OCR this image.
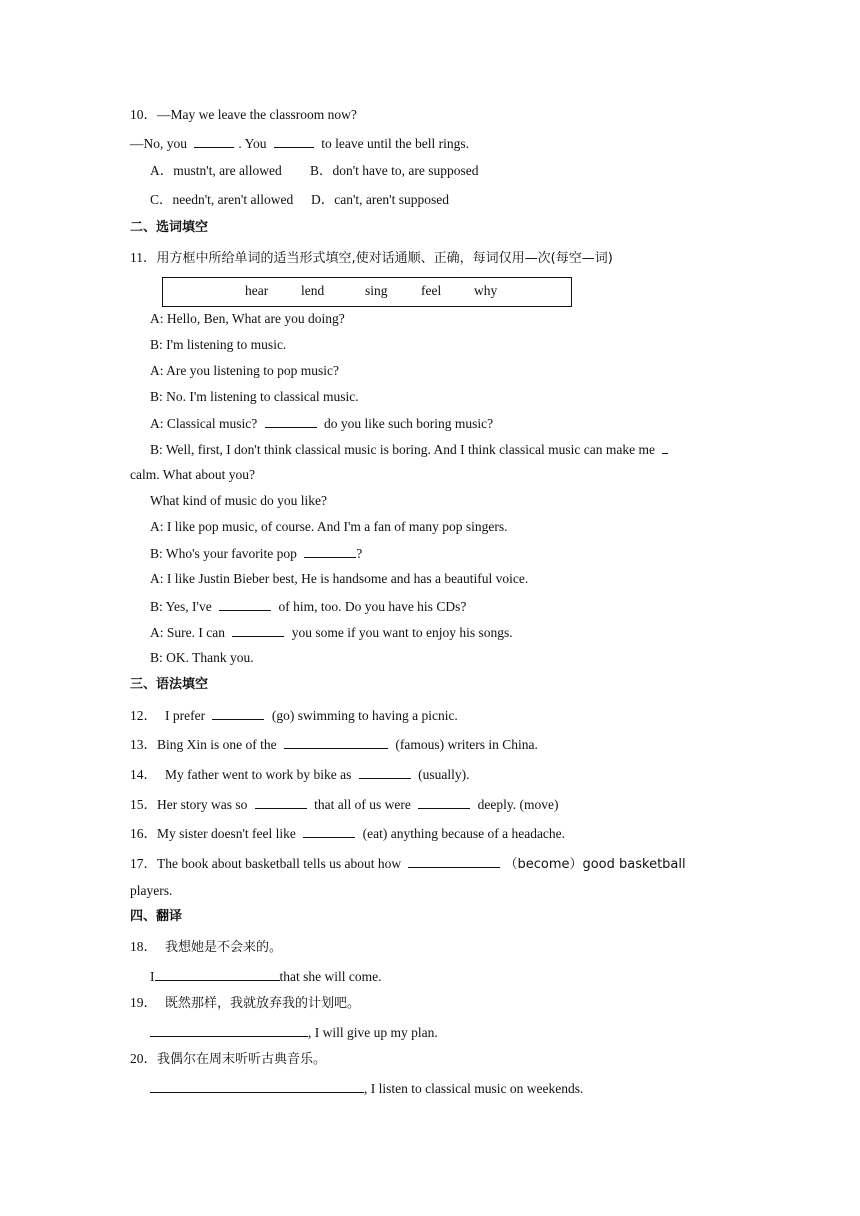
10．—May we leave the classroom now?
—No, you	. You	to leave until the bell rings.
A．mustn't, are allowed B．don't have to, are supposed
C．needn't, aren't allowed D．can't, aren't supposed
二、选词填空
11．用方框中所给单词的适当形式填空,使对话通顺、正确，每词仅用—次(每空—词)
hear lend	sing feel why
A: Hello, Ben, What are you doing?
B: I'm listening to music.
A: Are you listening to pop music?
B: No. I'm listening to classical music.
A: Classical music?	do you like such boring music?
B: Well, first, I don't think classical music is boring. And I think classical music can make me
calm. What about you?
What kind of music do you like?
A: I like pop music, of course. And I'm a fan of many pop singers.
B: Who's your favorite pop	?
A: I like Justin Bieber best, He is handsome and has a beautiful voice.
B: Yes, I've	of him, too. Do you have his CDs?
A: Sure. I can	you some if you want to enjoy his songs.
B: OK. Thank you.
三、语法填空
12． I prefer	(go) swimming to having a picnic.
13．Bing Xin is one of the	(famous) writers in China.
14． My father went to work by bike as	(usually).
15．Her story was so	that all of us were	deeply. (move)
16．My sister doesn't feel like	(eat) anything because of a headache.
17．The book about basketball tells us about how	（become）good basketball
players.
四、翻译
18． 我想她是不会来的。
I	that she will come.
19． 既然那样，我就放弃我的计划吧。
, I will give up my plan.
20．我偶尔在周末听听古典音乐。
, I listen to classical music on weekends.
